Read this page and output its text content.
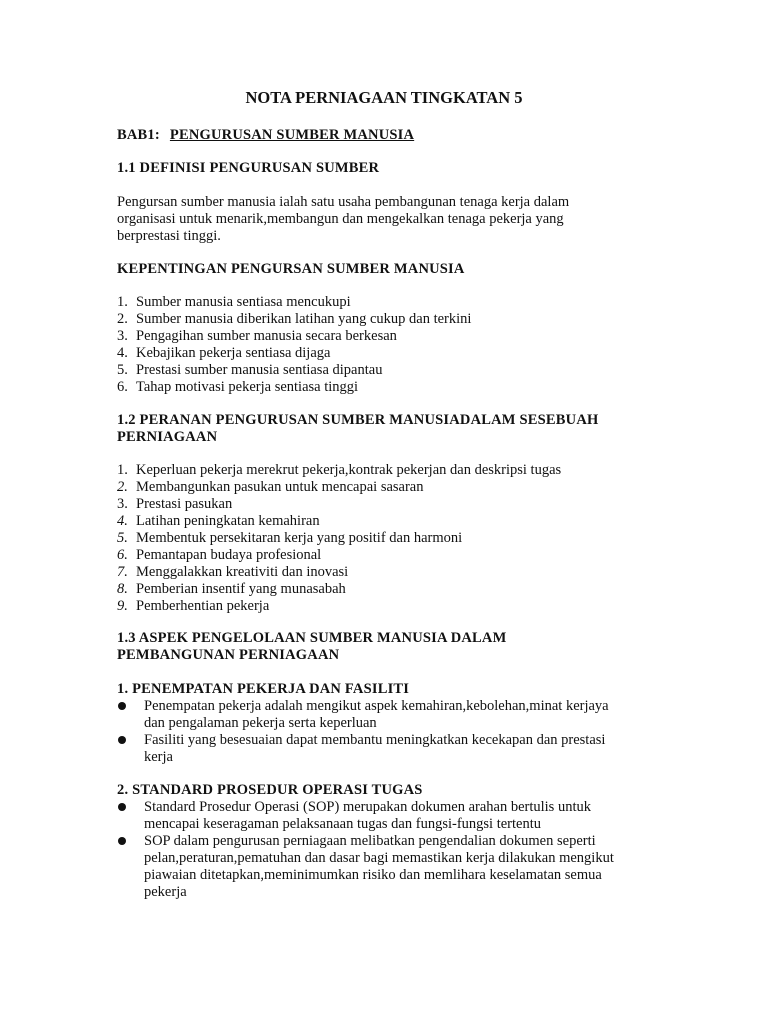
NOTA PERNIAGAAN TINGKATAN 5
BAB1: PENGURUSAN SUMBER MANUSIA
1.1 DEFINISI PENGURUSAN SUMBER
Pengursan sumber manusia ialah satu usaha pembangunan tenaga kerja dalam
organisasi untuk menarik,membangun dan mengekalkan tenaga pekerja yang
berprestasi tinggi.
KEPENTINGAN PENGURSAN SUMBER MANUSIA
1. Sumber manusia sentiasa mencukupi
2. Sumber manusia diberikan latihan yang cukup dan terkini
3. Pengagihan sumber manusia secara berkesan
4. Kebajikan pekerja sentiasa dijaga
5. Prestasi sumber manusia sentiasa dipantau
6. Tahap motivasi pekerja sentiasa tinggi
1.2 PERANAN PENGURUSAN SUMBER MANUSIADALAM SESEBUAH
PERNIAGAAN
1. Keperluan pekerja merekrut pekerja,kontrak pekerjan dan deskripsi tugas
2. Membangunkan pasukan untuk mencapai sasaran
3. Prestasi pasukan
4. Latihan peningkatan kemahiran
5. Membentuk persekitaran kerja yang positif dan harmoni
6. Pemantapan budaya profesional
7. Menggalakkan kreativiti dan inovasi
8. Pemberian insentif yang munasabah
9. Pemberhentian pekerja
1.3 ASPEK PENGELOLAAN SUMBER MANUSIA DALAM
PEMBANGUNAN PERNIAGAAN
1. PENEMPATAN PEKERJA DAN FASILITI
Penempatan pekerja adalah mengikut aspek kemahiran,kebolehan,minat kerjaya
dan pengalaman pekerja serta keperluan
Fasiliti yang besesuaian dapat membantu meningkatkan kecekapan dan prestasi
kerja
2. STANDARD PROSEDUR OPERASI TUGAS
Standard Prosedur Operasi (SOP) merupakan dokumen arahan bertulis untuk
mencapai keseragaman pelaksanaan tugas dan fungsi-fungsi tertentu
SOP dalam pengurusan perniagaan melibatkan pengendalian dokumen seperti
pelan,peraturan,pematuhan dan dasar bagi memastikan kerja dilakukan mengikut
piawaian ditetapkan,meminimumkan risiko dan memlihara keselamatan semua
pekerja
